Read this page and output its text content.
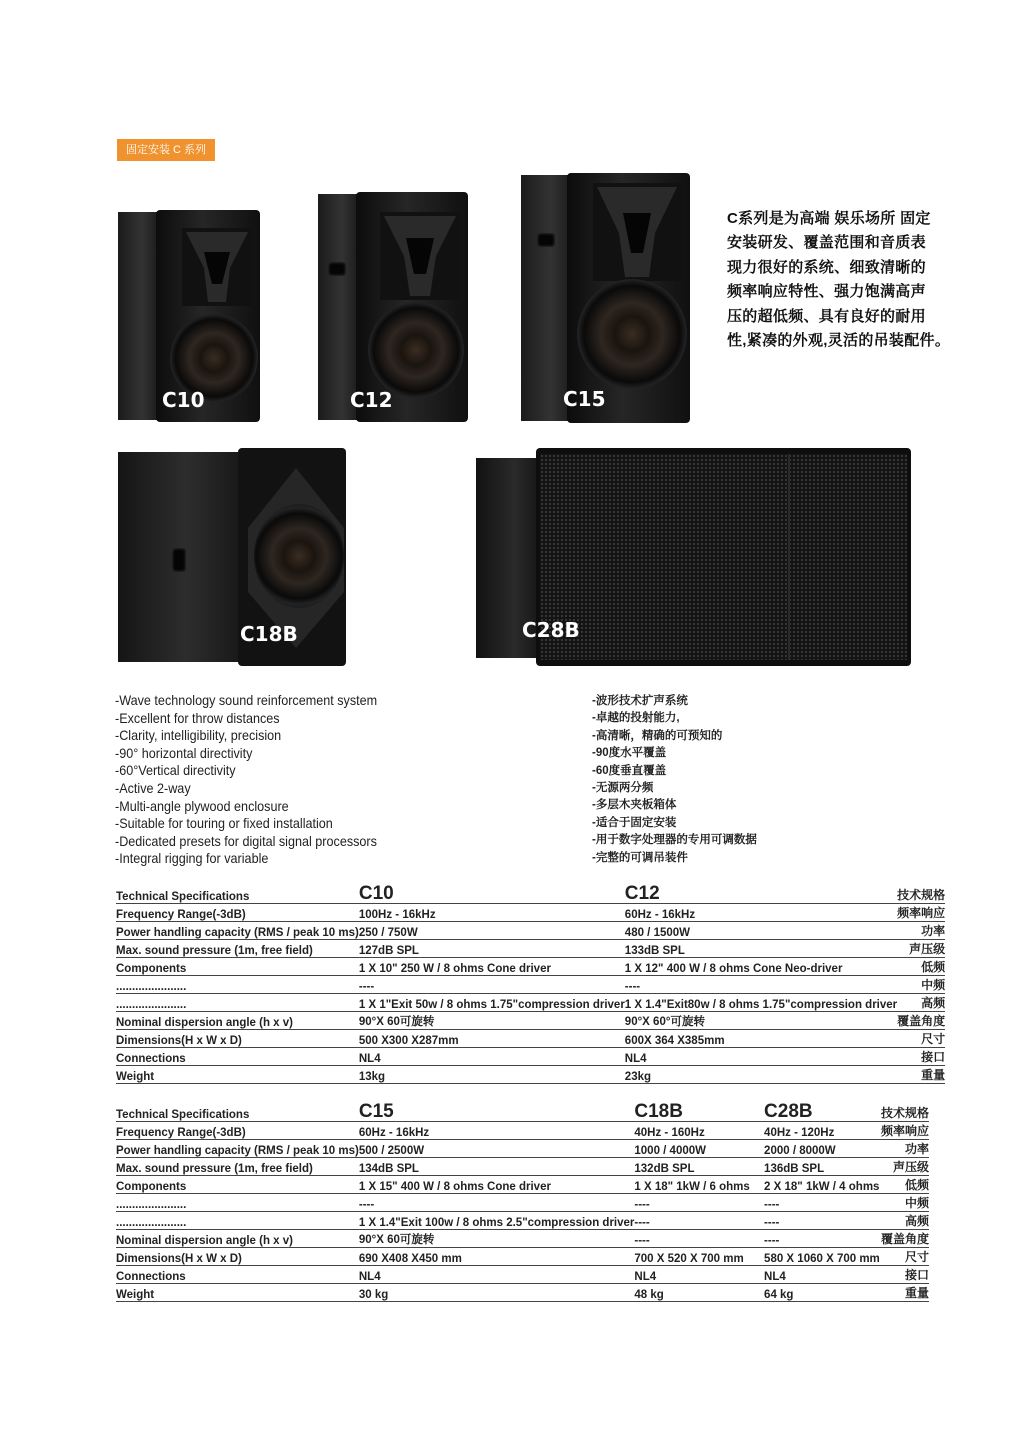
固定安装 C 系列
C系列是为高端 娱乐场所 固定
安装研发、覆盖范围和音质表
现力很好的系统、细致清晰的
频率响应特性、强力饱满高声
压的超低频、具有良好的耐用
性,紧凑的外观,灵活的吊装配件。
C10	C12	C15
C18B	C28B
-Wave technology sound reinforcement system
-Excellent for throw distances
-Clarity, intelligibility, precision
-90° horizontal directivity
-60°Vertical directivity
-Active 2-way
-Multi-angle plywood enclosure
-Suitable for touring or fixed installation
-Dedicated presets for digital signal processors
-Integral rigging for variable
-波形技术扩声系统
-卓越的投射能力,
-高清晰，精确的可预知的
-90度水平覆盖
-60度垂直覆盖
-无源两分频
-多层木夹板箱体
-适合于固定安装
-用于数字处理器的专用可调数据
-完整的可调吊装件
Technical Specifications	C10	C12	技术规格
Frequency Range(-3dB)	100Hz - 16kHz	60Hz - 16kHz	频率响应
Power handling capacity (RMS / peak 10 ms)	250 / 750W	480 / 1500W	功率
Max. sound pressure (1m, free field)	127dB SPL	133dB SPL	声压级
Components	1 X 10" 250 W / 8 ohms Cone driver	1 X 12" 400 W / 8 ohms Cone Neo-driver	低频
......................	----	----	中频
......................	1 X 1"Exit 50w / 8 ohms 1.75"compression driver	1 X 1.4"Exit80w / 8 ohms 1.75"compression driver	高频
Nominal dispersion angle (h x v)	90°X 60可旋转	90°X 60°可旋转	覆盖角度
Dimensions(H x W x D)	500 X300 X287mm	600X 364 X385mm	尺寸
Connections	NL4	NL4	接口
Weight	13kg	23kg	重量
Technical Specifications	C15	C18B	C28B	技术规格
Frequency Range(-3dB)	60Hz - 16kHz	40Hz - 160Hz	40Hz - 120Hz	频率响应
Power handling capacity (RMS / peak 10 ms)	500 / 2500W	1000 / 4000W	2000 / 8000W	功率
Max. sound pressure (1m, free field)	134dB SPL	132dB SPL	136dB SPL	声压级
Components	1 X 15" 400 W / 8 ohms Cone driver	1 X 18" 1kW / 6 ohms	2 X 18" 1kW / 4 ohms	低频
......................	----	----	----	中频
......................	1 X 1.4"Exit 100w / 8 ohms 2.5"compression driver	----	----	高频
Nominal dispersion angle (h x v)	90°X 60可旋转	----	----	覆盖角度
Dimensions(H x W x D)	690 X408 X450 mm	700 X 520 X 700 mm	580 X 1060 X 700 mm	尺寸
Connections	NL4	NL4	NL4	接口
Weight	30 kg	48 kg	64 kg	重量
